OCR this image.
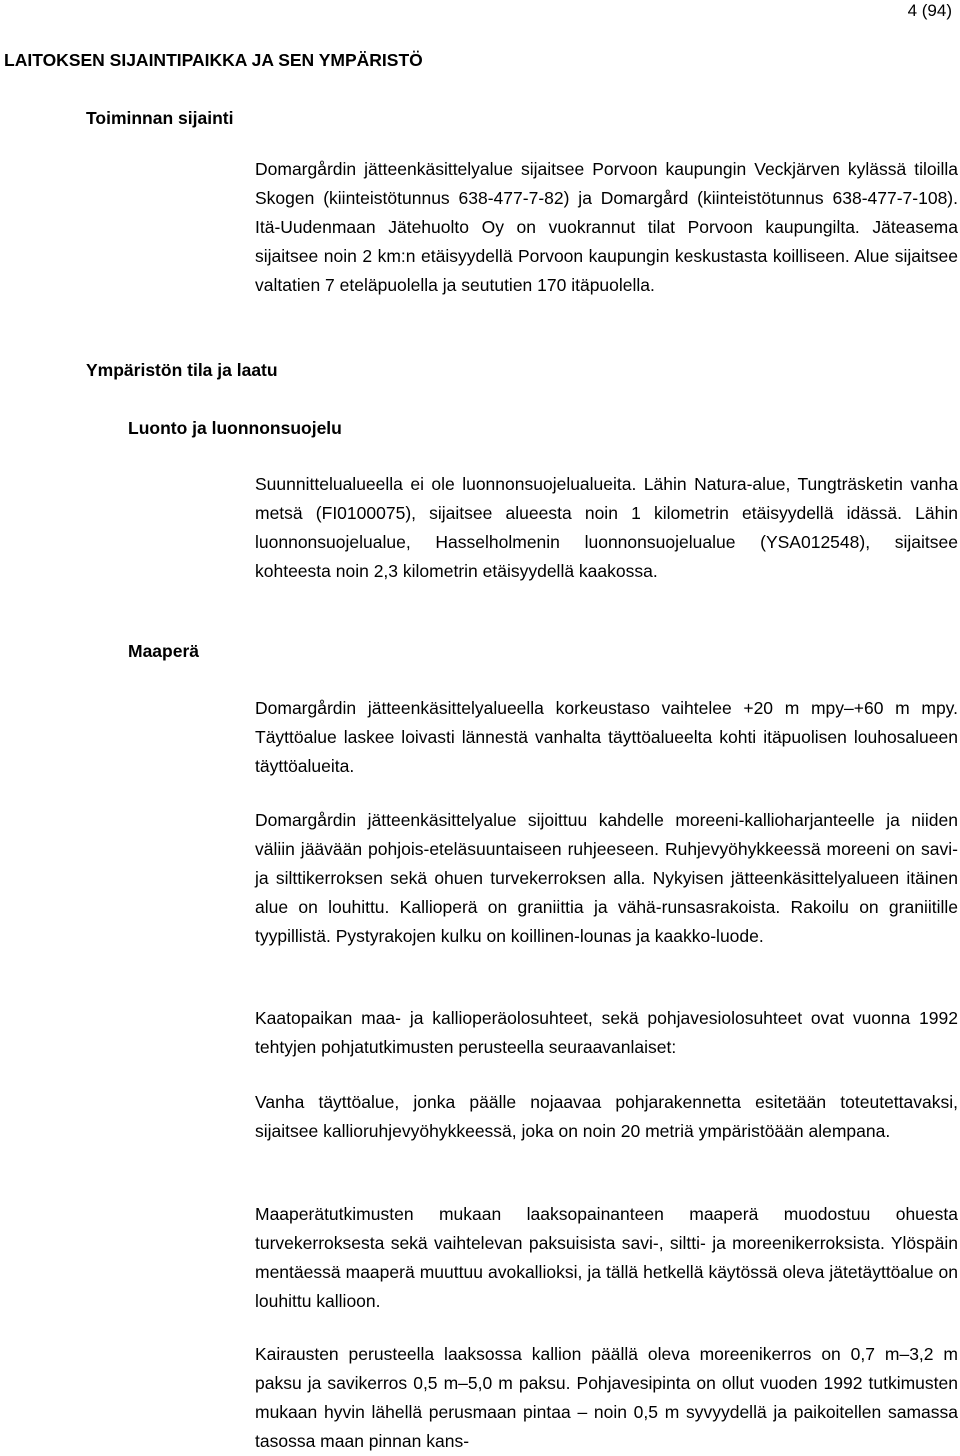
4 (94)
LAITOKSEN SIJAINTIPAIKKA JA SEN YMPÄRISTÖ
Toiminnan sijainti

Domargårdin jätteenkäsittelyalue sijaitsee Porvoon kaupungin Veckjärven kylässä tiloilla Skogen (kiinteistötunnus 638-477-7-82) ja Domargård (kiinteistötunnus 638-477-7-108). Itä-Uudenmaan Jätehuolto Oy on vuokrannut tilat Porvoon kaupungilta. Jäteasema sijaitsee noin 2 km:n etäisyydellä Porvoon kaupungin keskustasta koilliseen. Alue sijaitsee valtatien 7 eteläpuolella ja seututien 170 itäpuolella.

Ympäristön tila ja laatu
Luonto ja luonnonsuojelu

Suunnittelualueella ei ole luonnonsuojelualueita. Lähin Natura-alue, Tungträsketin vanha metsä (FI0100075), sijaitsee alueesta noin 1 kilometrin etäisyydellä idässä. Lähin luonnonsuojelualue, Hasselholmenin luonnonsuojelualue (YSA012548), sijaitsee kohteesta noin 2,3 kilometrin etäisyydellä kaakossa.

Maaperä

Domargårdin jätteenkäsittelyalueella korkeustaso vaihtelee +20 m mpy–+60 m mpy. Täyttöalue laskee loivasti lännestä vanhalta täyttöalueelta kohti itäpuolisen louhosalueen täyttöalueita.

Domargårdin jätteenkäsittelyalue sijoittuu kahdelle moreeni-kallioharjanteelle ja niiden väliin jäävään pohjois-eteläsuuntaiseen ruhjeeseen. Ruhjevyöhykkeessä moreeni on savi- ja silttikerroksen sekä ohuen turvekerroksen alla. Nykyisen jätteenkäsittelyalueen itäinen alue on louhittu. Kallioperä on graniittia ja vähä-runsasrakoista. Rakoilu on graniitille tyypillistä. Pystyrakojen kulku on koillinen-lounas ja kaakko-luode.

Kaatopaikan maa- ja kallioperäolosuhteet, sekä pohjavesiolosuhteet ovat vuonna 1992 tehtyjen pohjatutkimusten perusteella seuraavanlaiset:

Vanha täyttöalue, jonka päälle nojaavaa pohjarakennetta esitetään toteutettavaksi, sijaitsee kallioruhjevyöhykkeessä, joka on noin 20 metriä ympäristöään alempana.

Maaperätutkimusten mukaan laaksopainanteen maaperä muodostuu ohuesta turvekerroksesta sekä vaihtelevan paksuisista savi-, siltti- ja moreenikerroksista. Ylöspäin mentäessä maaperä muuttuu avokallioksi, ja tällä hetkellä käytössä oleva jätetäyttöalue on louhittu kallioon.

Kairausten perusteella laaksossa kallion päällä oleva moreenikerros on 0,7 m–3,2 m paksu ja savikerros 0,5 m–5,0 m paksu. Pohjavesipinta on ollut vuoden 1992 tutkimusten mukaan hyvin lähellä perusmaan pintaa – noin 0,5 m syvyydellä ja paikoitellen samassa tasossa maan pinnan kans-
